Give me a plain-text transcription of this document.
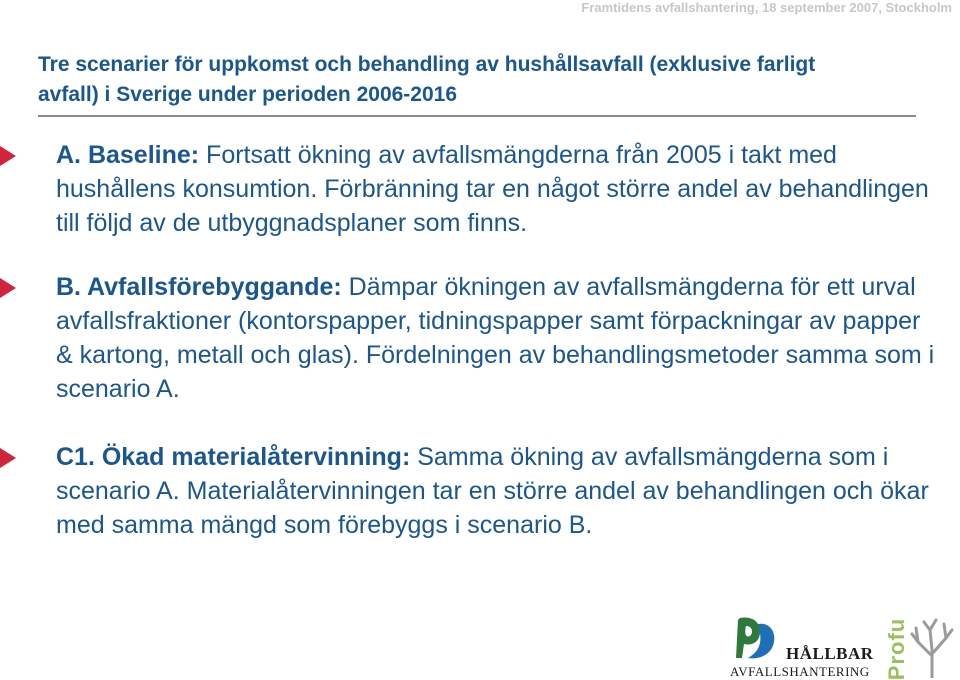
Framtidens avfallshantering, 18 september 2007, Stockholm
Tre scenarier för uppkomst och behandling av hushållsavfall (exklusive farligt
avfall) i Sverige under perioden 2006-2016
A. Baseline: Fortsatt ökning av avfallsmängderna från 2005 i takt med hushållens konsumtion. Förbränning tar en något större andel av behandlingen till följd av de utbyggnadsplaner som finns.
B. Avfallsförebyggande: Dämpar ökningen av avfallsmängderna för ett urval avfallsfraktioner (kontorspapper, tidningspapper samt förpackningar av papper & kartong, metall och glas). Fördelningen av behandlingsmetoder samma som i scenario A.
C1. Ökad materialåtervinning: Samma ökning av avfallsmängderna som i scenario A. Materialåtervinningen tar en större andel av behandlingen och ökar med samma mängd som förebyggs i scenario B.
HÅLLBAR
AVFALLSHANTERING Profu
